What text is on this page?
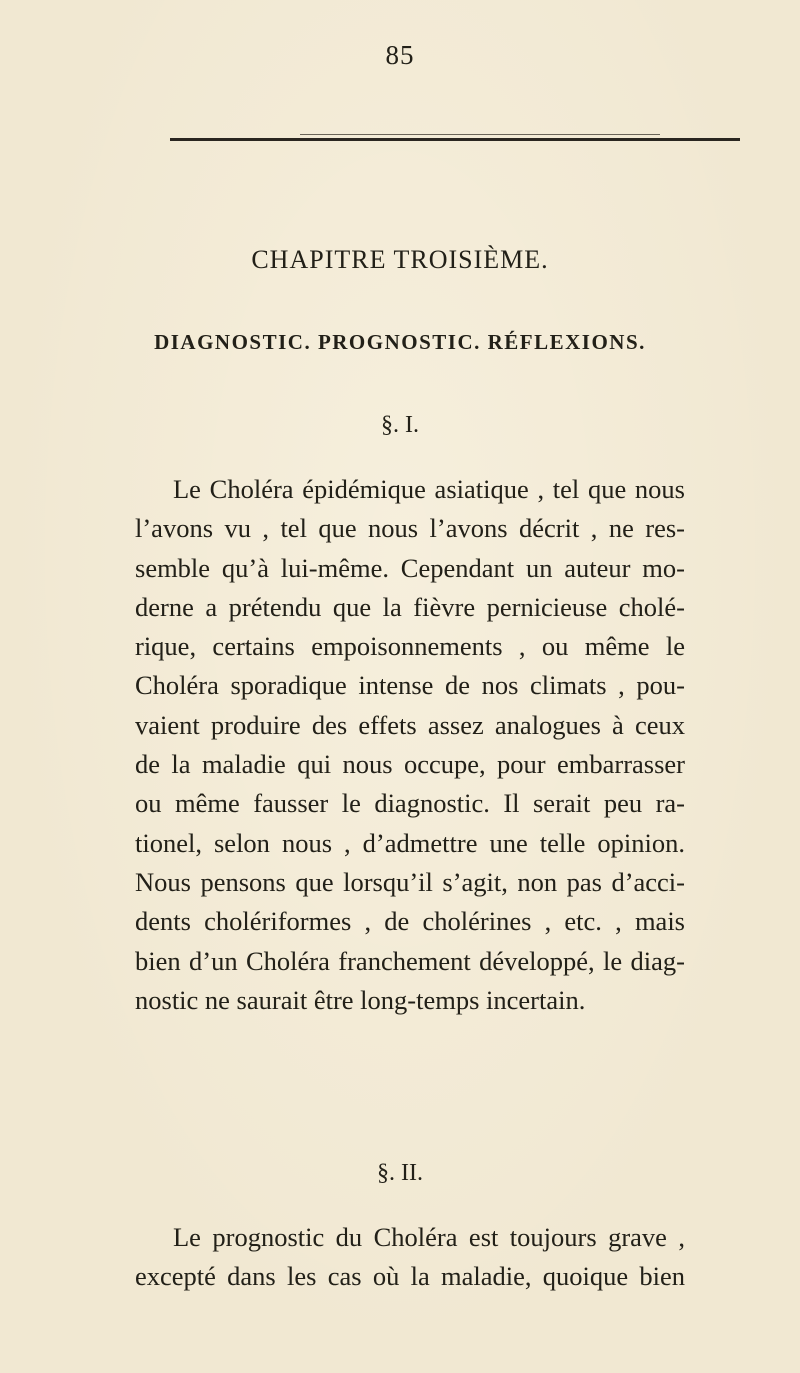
85
CHAPITRE TROISIÈME.
DIAGNOSTIC. PROGNOSTIC. RÉFLEXIONS.
§. I.
Le Choléra épidémique asiatique , tel que nous
l’avons vu , tel que nous l’avons décrit , ne res-
semble qu’à lui-même. Cependant un auteur mo-
derne a prétendu que la fièvre pernicieuse cholé-
rique, certains empoisonnements , ou même le
Choléra sporadique intense de nos climats , pou-
vaient produire des effets assez analogues à ceux
de la maladie qui nous occupe, pour embarrasser
ou même fausser le diagnostic. Il serait peu ra-
tionel, selon nous , d’admettre une telle opinion.
Nous pensons que lorsqu’il s’agit, non pas d’acci-
dents cholériformes , de cholérines , etc. , mais
bien d’un Choléra franchement développé, le diag-
nostic ne saurait être long-temps incertain.
§. II.
Le prognostic du Choléra est toujours grave ,
excepté dans les cas où la maladie, quoique bien
